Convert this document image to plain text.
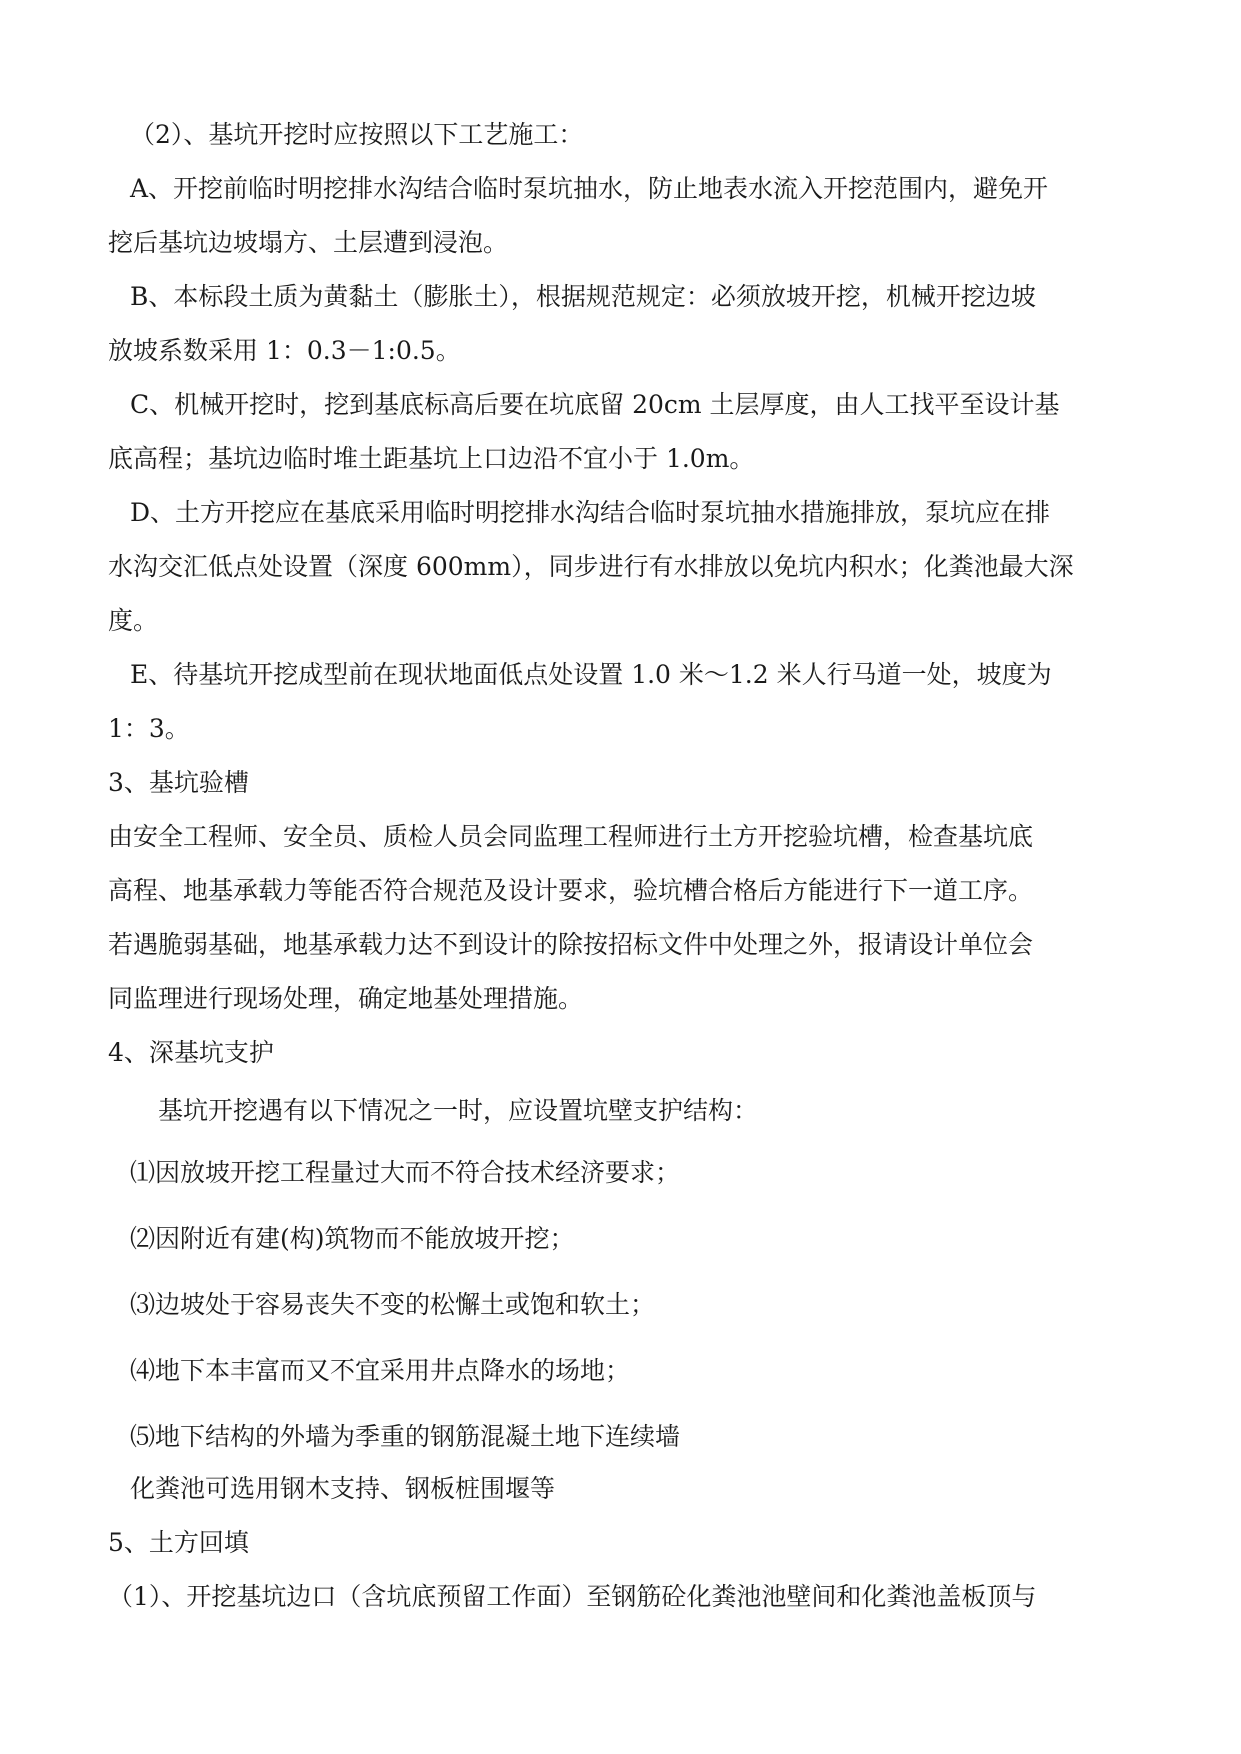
（2）、基坑开挖时应按照以下工艺施工：
A、开挖前临时明挖排水沟结合临时泵坑抽水，防止地表水流入开挖范围内，避免开
挖后基坑边坡塌方、土层遭到浸泡。
B、本标段土质为黄黏土（膨胀土），根据规范规定：必须放坡开挖，机械开挖边坡
放坡系数采用 1：0.3－1:0.5。
C、机械开挖时，挖到基底标高后要在坑底留 20cm 土层厚度，由人工找平至设计基
底高程；基坑边临时堆土距基坑上口边沿不宜小于 1.0m。
D、土方开挖应在基底采用临时明挖排水沟结合临时泵坑抽水措施排放，泵坑应在排
水沟交汇低点处设置（深度 600mm），同步进行有水排放以免坑内积水；化粪池最大深
度。
E、待基坑开挖成型前在现状地面低点处设置 1.0 米～1.2 米人行马道一处，坡度为
1：3。
3、基坑验槽
由安全工程师、安全员、质检人员会同监理工程师进行土方开挖验坑槽，检查基坑底
高程、地基承载力等能否符合规范及设计要求，验坑槽合格后方能进行下一道工序。
若遇脆弱基础，地基承载力达不到设计的除按招标文件中处理之外，报请设计单位会
同监理进行现场处理，确定地基处理措施。
4、深基坑支护
基坑开挖遇有以下情况之一时，应设置坑壁支护结构：
⑴因放坡开挖工程量过大而不符合技术经济要求；
⑵因附近有建(构)筑物而不能放坡开挖；
⑶边坡处于容易丧失不变的松懈土或饱和软土；
⑷地下本丰富而又不宜采用井点降水的场地；
⑸地下结构的外墙为季重的钢筋混凝土地下连续墙
化粪池可选用钢木支持、钢板桩围堰等
5、土方回填
（1）、开挖基坑边口（含坑底预留工作面）至钢筋砼化粪池池壁间和化粪池盖板顶与
